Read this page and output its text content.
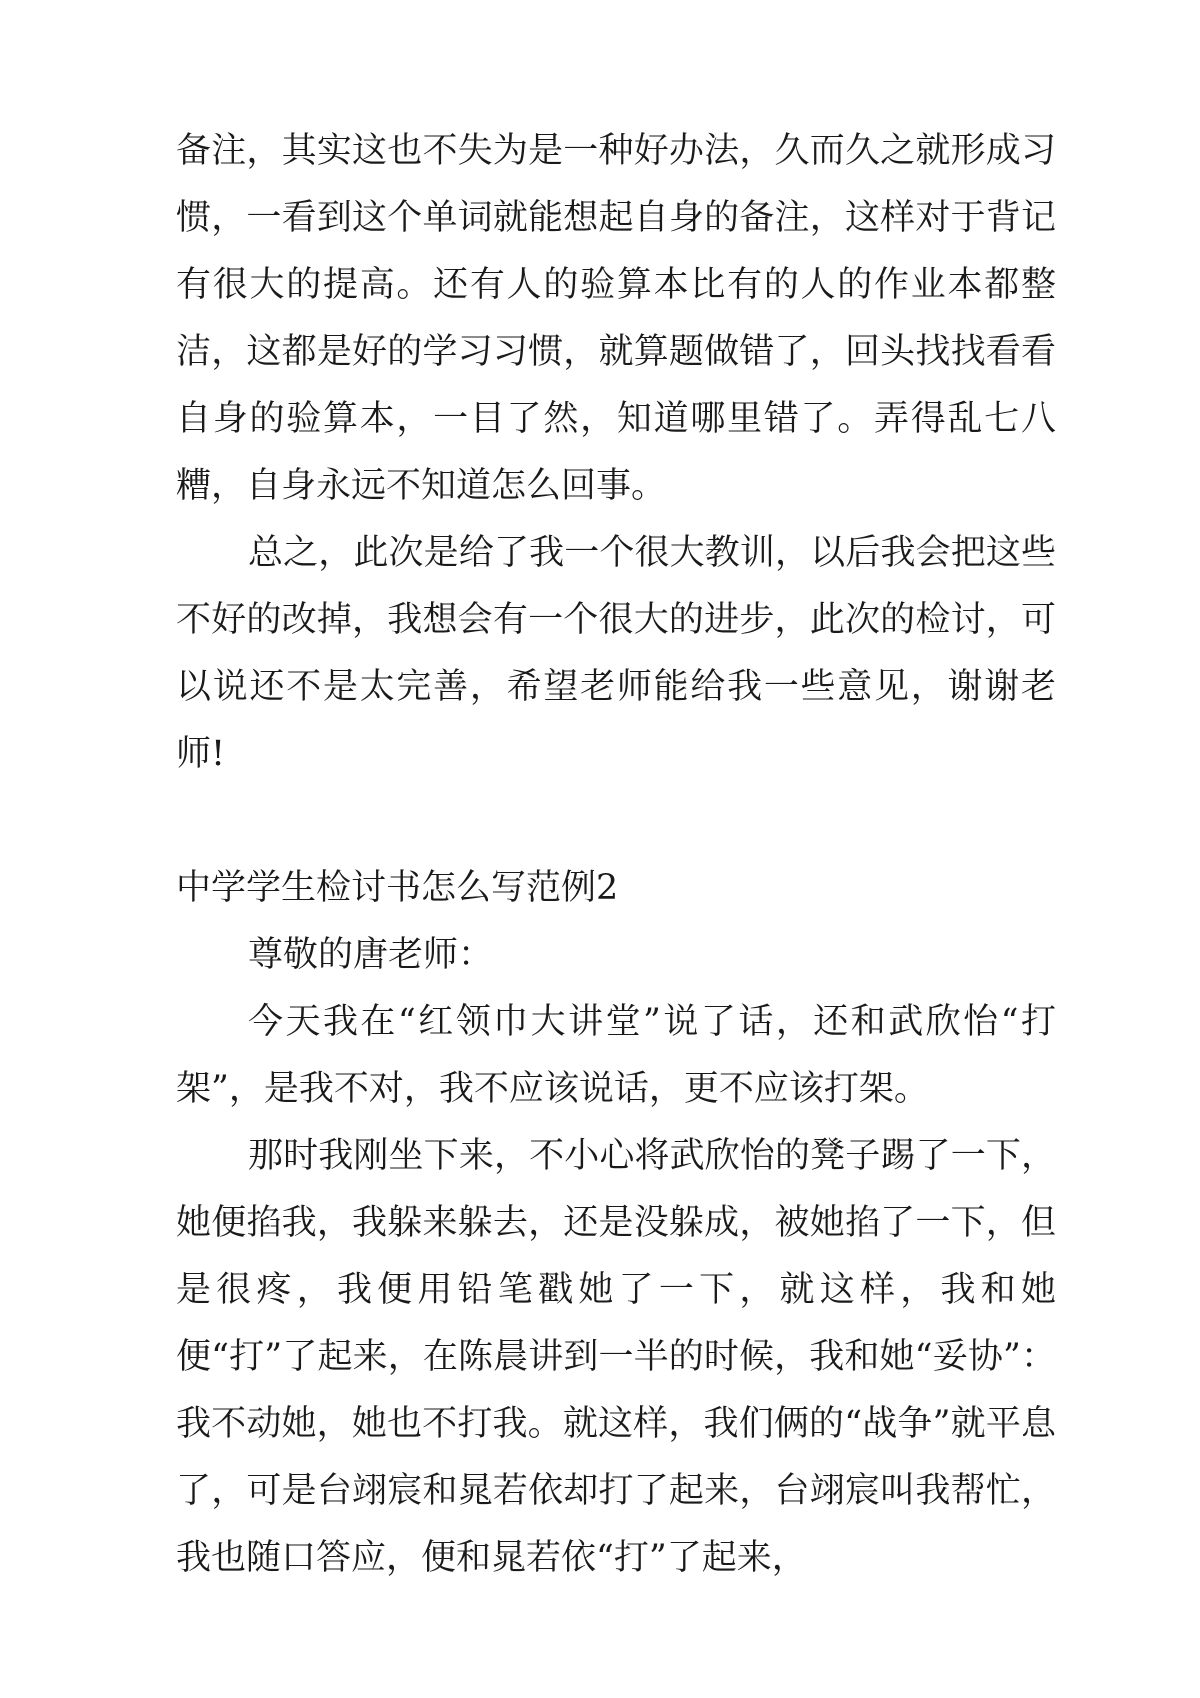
备注，其实这也不失为是一种好办法，久而久之就形成习惯，一看到这个单词就能想起自身的备注，这样对于背记有很大的提高。还有人的验算本比有的人的作业本都整洁，这都是好的学习习惯，就算题做错了，回头找找看看自身的验算本，一目了然，知道哪里错了。弄得乱七八糟，自身永远不知道怎么回事。

总之，此次是给了我一个很大教训，以后我会把这些不好的改掉，我想会有一个很大的进步，此次的检讨，可以说还不是太完善，希望老师能给我一些意见，谢谢老师!

中学学生检讨书怎么写范例2

尊敬的唐老师：

今天我在“红领巾大讲堂”说了话，还和武欣怡“打架”，是我不对，我不应该说话，更不应该打架。

那时我刚坐下来，不小心将武欣怡的凳子踢了一下，她便掐我，我躲来躲去，还是没躲成，被她掐了一下，但是很疼，我便用铅笔戳她了一下，就这样，我和她便“打”了起来，在陈晨讲到一半的时候，我和她“妥协”：我不动她，她也不打我。就这样，我们俩的“战争”就平息了，可是台翊宸和晁若依却打了起来，台翊宸叫我帮忙，我也随口答应，便和晁若依“打”了起来，
